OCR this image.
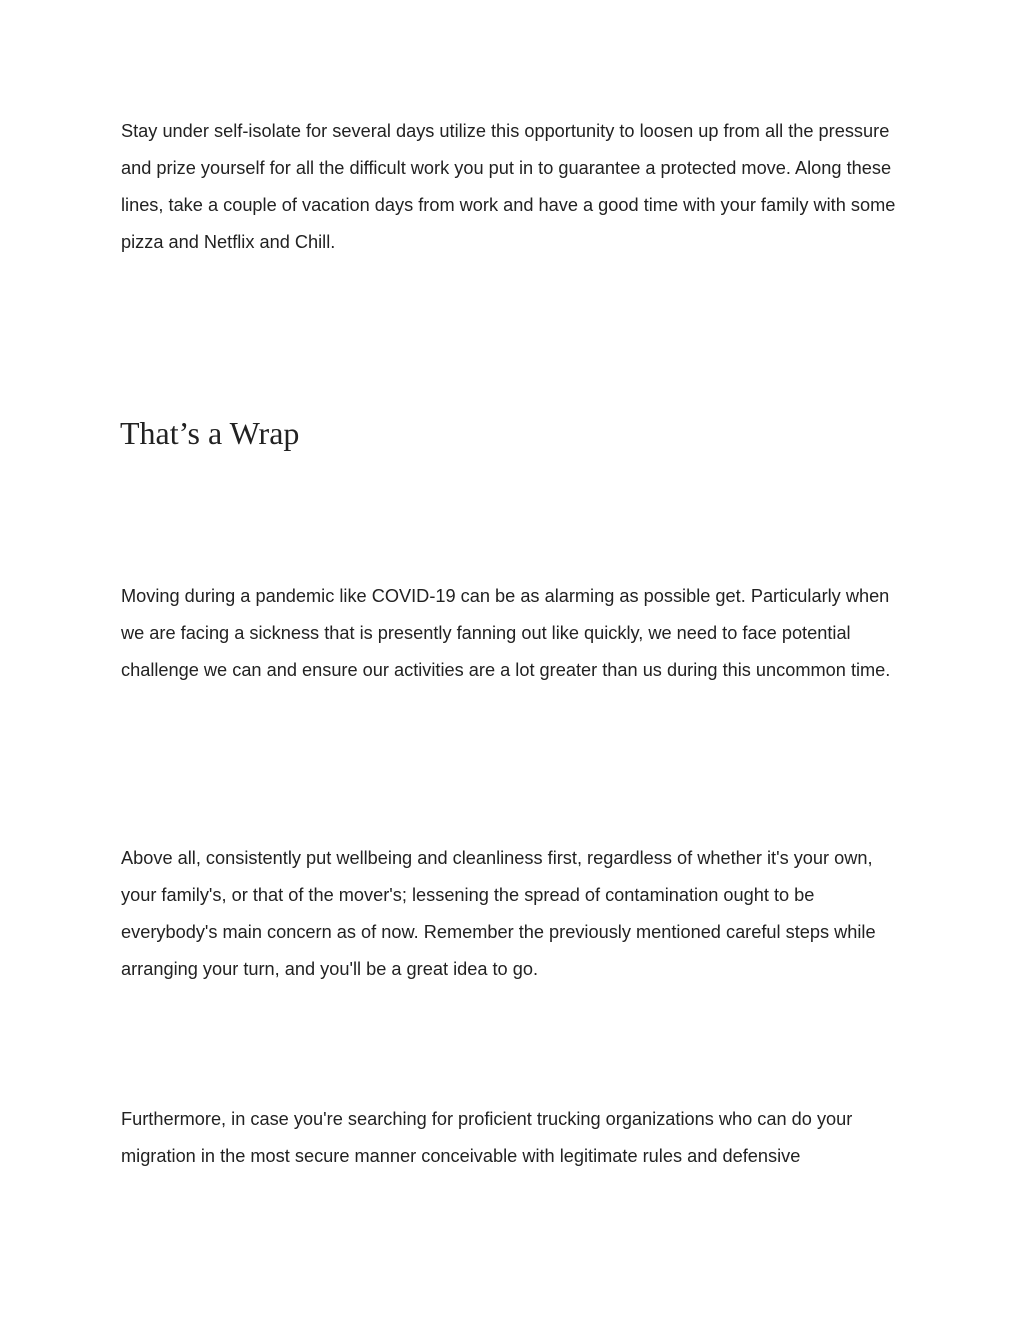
Stay under self-isolate for several days utilize this opportunity to loosen up from all the pressure and prize yourself for all the difficult work you put in to guarantee a protected move. Along these lines, take a couple of vacation days from work and have a good time with your family with some pizza and Netflix and Chill.

That’s a Wrap

Moving during a pandemic like COVID-19 can be as alarming as possible get. Particularly when we are facing a sickness that is presently fanning out like quickly, we need to face potential challenge we can and ensure our activities are a lot greater than us during this uncommon time.

Above all, consistently put wellbeing and cleanliness first, regardless of whether it's your own, your family's, or that of the mover's; lessening the spread of contamination ought to be everybody's main concern as of now. Remember the previously mentioned careful steps while arranging your turn, and you'll be a great idea to go.

Furthermore, in case you're searching for proficient trucking organizations who can do your migration in the most secure manner conceivable with legitimate rules and defensive
